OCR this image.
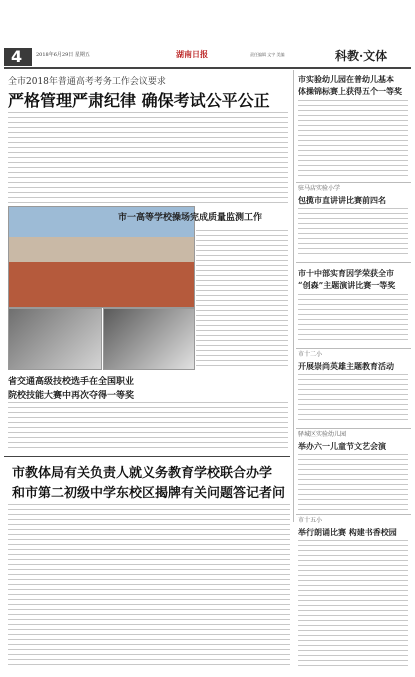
4	2018年6月29日 星期五	湖南日报	责任编辑 文字 美编	科教·文体
全市2018年普通高考考务工作会议要求
严格管理严肃纪律 确保考试公平公正
市一高等学校操场完成质量监测工作
省交通高级技校选手在全国职业
院校技能大赛中再次夺得一等奖
市教体局有关负责人就义务教育学校联合办学
和市第二初级中学东校区揭牌有关问题答记者问
市实验幼儿园在普幼儿基本
体操锦标赛上获得五个一等奖
驻马店实验小学
包揽市直讲讲比赛前四名
市十中部实育因学荣获全市
“创森”主题演讲比赛一等奖
市十二小
开展崇尚英雄主题教育活动
驿城区实验幼儿园
举办六一儿童节文艺会演
市十五小
举行朗诵比赛 构建书香校园
